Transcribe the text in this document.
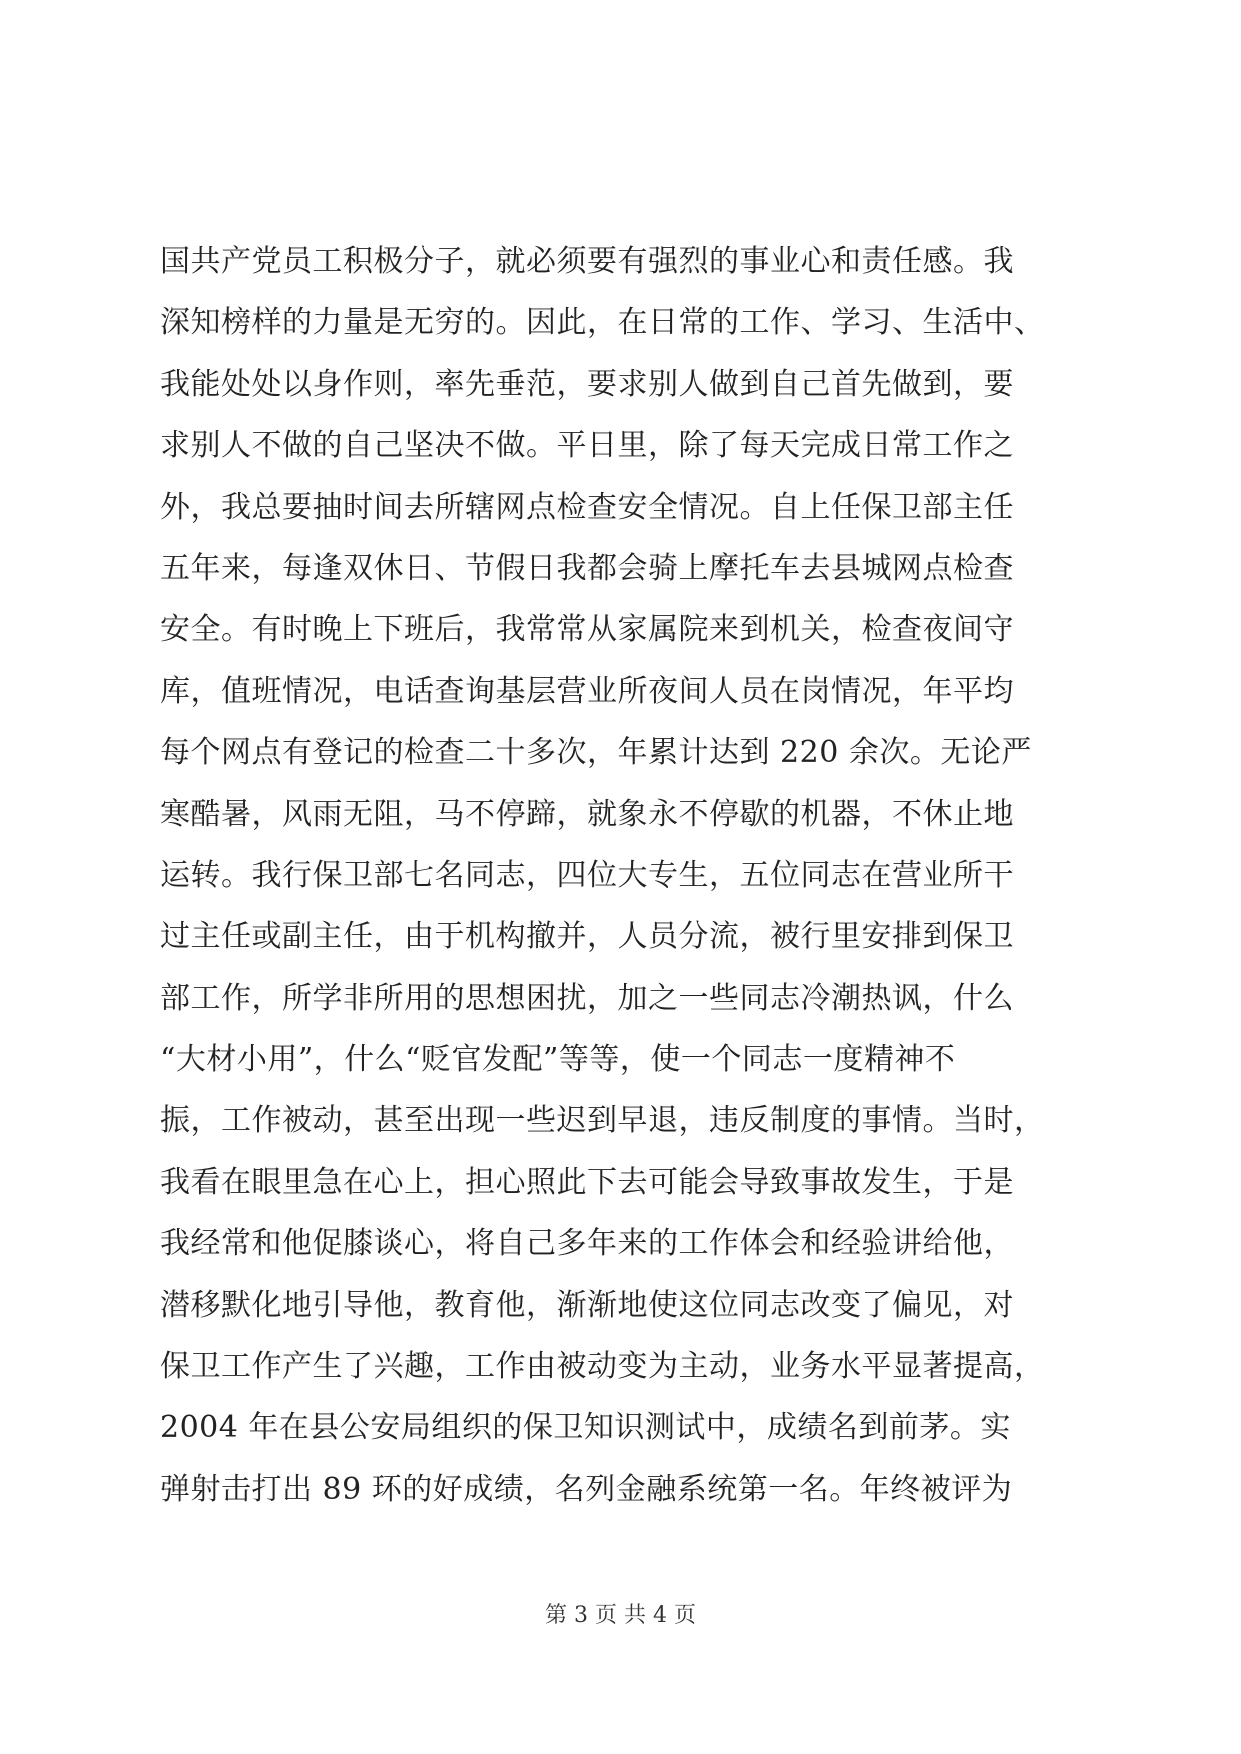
国共产党员工积极分子，就必须要有强烈的事业心和责任感。我
深知榜样的力量是无穷的。因此，在日常的工作、学习、生活中、
我能处处以身作则，率先垂范，要求别人做到自己首先做到，要
求别人不做的自己坚决不做。平日里，除了每天完成日常工作之
外，我总要抽时间去所辖网点检查安全情况。自上任保卫部主任
五年来，每逢双休日、节假日我都会骑上摩托车去县城网点检查
安全。有时晚上下班后，我常常从家属院来到机关，检查夜间守
库，值班情况，电话查询基层营业所夜间人员在岗情况，年平均
每个网点有登记的检查二十多次，年累计达到 220 余次。无论严
寒酷暑，风雨无阻，马不停蹄，就象永不停歇的机器，不休止地
运转。我行保卫部七名同志，四位大专生，五位同志在营业所干
过主任或副主任，由于机构撤并，人员分流，被行里安排到保卫
部工作，所学非所用的思想困扰，加之一些同志冷潮热讽，什么
“大材小用”，什么“贬官发配”等等，使一个同志一度精神不
振，工作被动，甚至出现一些迟到早退，违反制度的事情。当时，
我看在眼里急在心上，担心照此下去可能会导致事故发生，于是
我经常和他促膝谈心，将自己多年来的工作体会和经验讲给他，
潜移默化地引导他，教育他，渐渐地使这位同志改变了偏见，对
保卫工作产生了兴趣，工作由被动变为主动，业务水平显著提高，
2004 年在县公安局组织的保卫知识测试中，成绩名到前茅。实
弹射击打出 89 环的好成绩，名列金融系统第一名。年终被评为
第 3 页 共 4 页
